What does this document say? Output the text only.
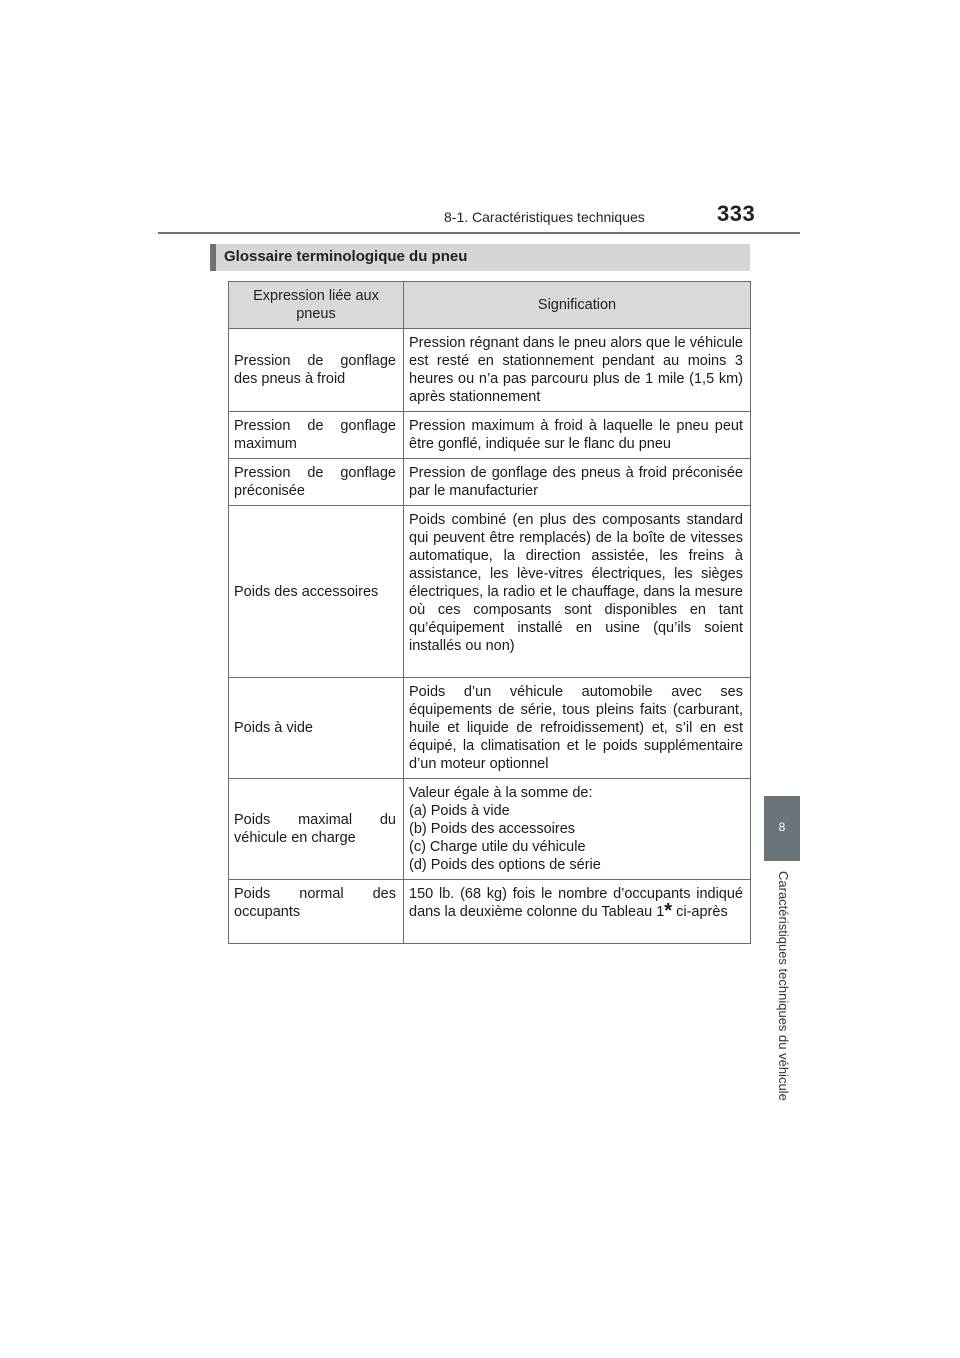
8-1. Caractéristiques techniques	333
Glossaire terminologique du pneu
Expression liée aux pneus	Signification
Pression de gonflage des pneus à froid	Pression régnant dans le pneu alors que le véhicule est resté en stationnement pendant au moins 3 heures ou n’a pas parcouru plus de 1 mile (1,5 km) après stationnement
Pression de gonflage maximum	Pression maximum à froid à laquelle le pneu peut être gonflé, indiquée sur le flanc du pneu
Pression de gonflage préconisée	Pression de gonflage des pneus à froid préconisée par le manufacturier
Poids des accessoires	Poids combiné (en plus des composants standard qui peuvent être remplacés) de la boîte de vitesses automatique, la direction assistée, les freins à assistance, les lève-vitres électriques, les sièges électriques, la radio et le chauffage, dans la mesure où ces composants sont disponibles en tant qu’équipement installé en usine (qu’ils soient installés ou non)
Poids à vide	Poids d’un véhicule automobile avec ses équipements de série, tous pleins faits (carburant, huile et liquide de refroidissement) et, s’il en est équipé, la climatisation et le poids supplémentaire d’un moteur optionnel
Poids maximal du véhicule en charge	Valeur égale à la somme de:
(a) Poids à vide
(b) Poids des accessoires
(c) Charge utile du véhicule
(d) Poids des options de série

Poids normal des occupants	150 lb. (68 kg) fois le nombre d’occupants indiqué dans la deuxième colonne du Tableau 1* ci-après
8
Caractéristiques techniques du véhicule
